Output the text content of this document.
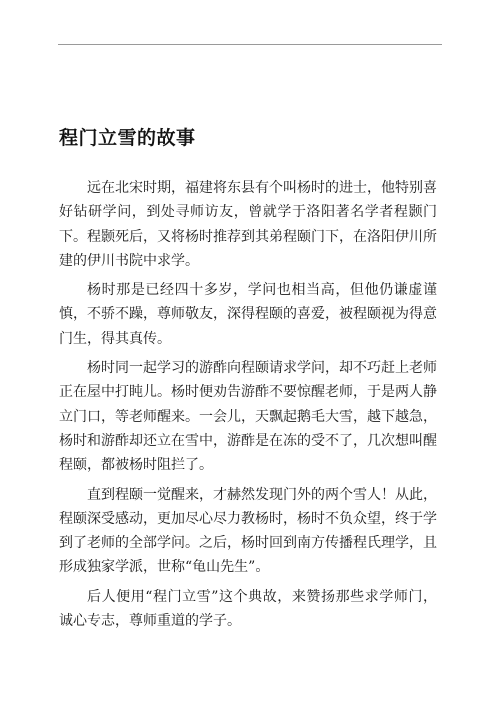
程门立雪的故事

远在北宋时期，福建将东县有个叫杨时的进士，他特别喜好钻研学问，到处寻师访友，曾就学于洛阳著名学者程颢门下。程颢死后，又将杨时推荐到其弟程颐门下，在洛阳伊川所建的伊川书院中求学。

杨时那是已经四十多岁，学问也相当高，但他仍谦虚谨慎，不骄不躁，尊师敬友，深得程颐的喜爱，被程颐视为得意门生，得其真传。

杨时同一起学习的游酢向程颐请求学问，却不巧赶上老师正在屋中打盹儿。杨时便劝告游酢不要惊醒老师，于是两人静立门口，等老师醒来。一会儿，天飘起鹅毛大雪，越下越急，杨时和游酢却还立在雪中，游酢是在冻的受不了，几次想叫醒程颐，都被杨时阻拦了。

直到程颐一觉醒来，才赫然发现门外的两个雪人！从此，程颐深受感动，更加尽心尽力教杨时，杨时不负众望，终于学到了老师的全部学问。之后，杨时回到南方传播程氏理学，且形成独家学派，世称“龟山先生”。

后人便用“程门立雪”这个典故，来赞扬那些求学师门，诚心专志，尊师重道的学子。
